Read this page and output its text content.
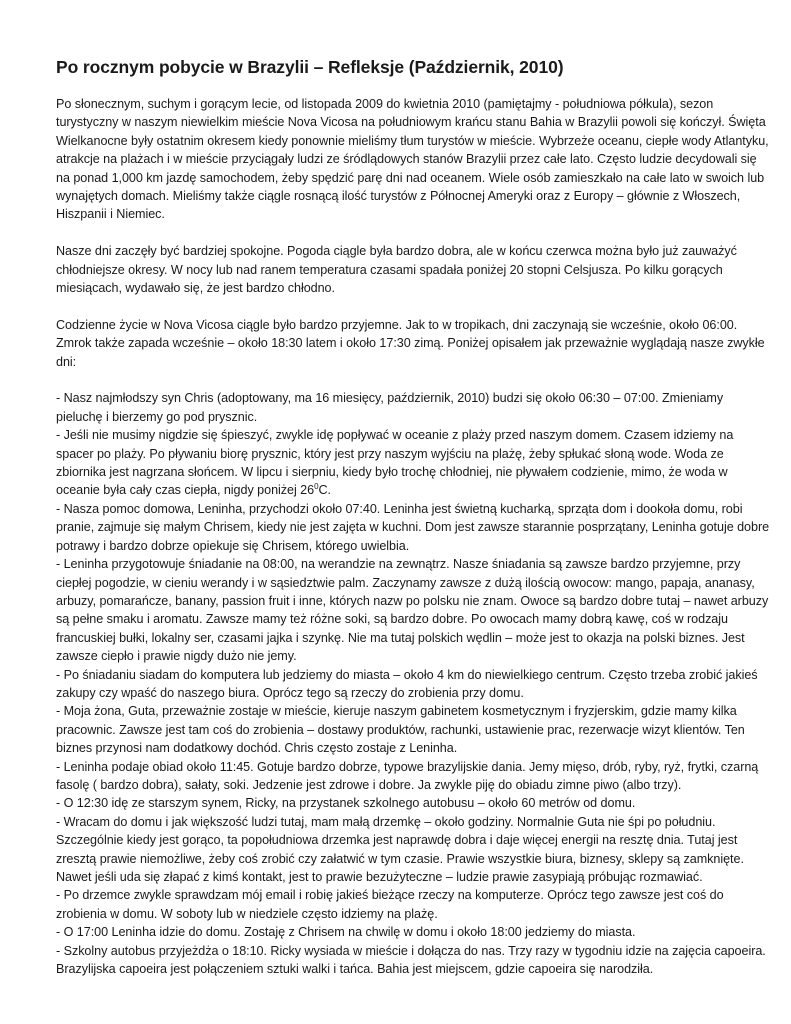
Po rocznym pobycie w Brazylii – Refleksje (Październik, 2010)

Po słonecznym, suchym i gorącym lecie, od listopada 2009 do kwietnia 2010 (pamiętajmy - południowa półkula), sezon turystyczny w naszym niewielkim mieście Nova Vicosa na południowym krańcu stanu Bahia w Brazylii powoli się kończył. Święta Wielkanocne były ostatnim okresem kiedy ponownie mieliśmy tłum turystów w mieście. Wybrzeże oceanu, ciepłe wody Atlantyku, atrakcje na plażach i w mieście przyciągały ludzi ze śródlądowych stanów Brazylii przez całe lato. Często ludzie decydowali się na ponad 1,000 km jazdę samochodem, żeby spędzić parę dni nad oceanem. Wiele osób zamieszkało na całe lato w swoich lub wynajętych domach. Mieliśmy także ciągle rosnącą ilość turystów z Północnej Ameryki oraz z Europy – głównie z Włoszech, Hiszpanii i Niemiec.

Nasze dni zaczęły być bardziej spokojne. Pogoda ciągle była bardzo dobra, ale w końcu czerwca można było już zauważyć chłodniejsze okresy. W nocy lub nad ranem temperatura czasami spadała poniżej 20 stopni Celsjusza. Po kilku gorących miesiącach, wydawało się, że jest bardzo chłodno.

Codzienne życie w Nova Vicosa ciągle było bardzo przyjemne. Jak to w tropikach, dni zaczynają sie wcześnie, około 06:00. Zmrok także zapada wcześnie – około 18:30 latem i około 17:30 zimą. Poniżej opisałem jak przeważnie wyglądają nasze zwykłe dni:

- Nasz najmłodszy syn Chris (adoptowany, ma 16 miesięcy, październik, 2010) budzi się około 06:30 – 07:00. Zmieniamy pieluchę i bierzemy go pod prysznic.

- Jeśli nie musimy nigdzie się śpieszyć, zwykle idę popływać w oceanie z plaży przed naszym domem. Czasem idziemy na spacer po plaży. Po pływaniu biorę prysznic, który jest przy naszym wyjściu na plażę, żeby spłukać słoną wode. Woda ze zbiornika jest nagrzana słońcem. W lipcu i sierpniu, kiedy było trochę chłodniej, nie pływałem codzienie, mimo, że woda w oceanie była cały czas ciepła, nigdy poniżej $26^0C$.

- Nasza pomoc domowa, Leninha, przychodzi około 07:40. Leninha jest świetną kucharką, sprząta dom i dookoła domu, robi pranie, zajmuje się małym Chrisem, kiedy nie jest zajęta w kuchni. Dom jest zawsze starannie posprzątany, Leninha gotuje dobre potrawy i bardzo dobrze opiekuje się Chrisem, którego uwielbia.

- Leninha przygotowuje śniadanie na 08:00, na werandzie na zewnątrz. Nasze śniadania są zawsze bardzo przyjemne, przy ciepłej pogodzie, w cieniu werandy i w sąsiedztwie palm. Zaczynamy zawsze z dużą ilością owocow: mango, papaja, ananasy, arbuzy, pomarańcze, banany, passion fruit i inne, których nazw po polsku nie znam. Owoce są bardzo dobre tutaj – nawet arbuzy są pełne smaku i aromatu. Zawsze mamy też różne soki, są bardzo dobre. Po owocach mamy dobrą kawę, coś w rodzaju francuskiej bułki, lokalny ser, czasami jajka i szynkę. Nie ma tutaj polskich wędlin – może jest to okazja na polski biznes. Jest zawsze ciepło i prawie nigdy dużo nie jemy.

- Po śniadaniu siadam do komputera lub jedziemy do miasta – około 4 km do niewielkiego centrum. Często trzeba zrobić jakieś zakupy czy wpaść do naszego biura. Oprócz tego są rzeczy do zrobienia przy domu.

- Moja żona, Guta, przeważnie zostaje w mieście, kieruje naszym gabinetem kosmetycznym i fryzjerskim, gdzie mamy kilka pracownic. Zawsze jest tam coś do zrobienia – dostawy produktów, rachunki, ustawienie prac, rezerwacje wizyt klientów. Ten biznes przynosi nam dodatkowy dochód. Chris często zostaje z Leninha.

- Leninha podaje obiad około 11:45. Gotuje bardzo dobrze, typowe brazylijskie dania. Jemy mięso, drób, ryby, ryż, frytki, czarną fasolę ( bardzo dobra), sałaty, soki. Jedzenie jest zdrowe i dobre. Ja zwykle piję do obiadu zimne piwo (albo trzy).

- O 12:30 idę ze starszym synem, Ricky, na przystanek szkolnego autobusu – około 60 metrów od domu.

- Wracam do domu i jak większość ludzi tutaj, mam małą drzemkę – około godziny. Normalnie Guta nie śpi po południu. Szczególnie kiedy jest gorąco, ta popołudniowa drzemka jest naprawdę dobra i daje więcej energii na resztę dnia. Tutaj jest zresztą prawie niemożliwe, żeby coś zrobić czy załatwić w tym czasie. Prawie wszystkie biura, biznesy, sklepy są zamknięte. Nawet jeśli uda się złapać z kimś kontakt, jest to prawie bezużyteczne – ludzie prawie zasypiają próbując rozmawiać.

- Po drzemce zwykle sprawdzam mój email i robię jakieś bieżące rzeczy na komputerze. Oprócz tego zawsze jest coś do zrobienia w domu. W soboty lub w niedziele często idziemy na plażę.

- O 17:00 Leninha idzie do domu. Zostaję z Chrisem na chwilę w domu i około 18:00 jedziemy do miasta.

- Szkolny autobus przyjeżdża o 18:10. Ricky wysiada w mieście i dołącza do nas. Trzy razy w tygodniu idzie na zajęcia capoeira. Brazylijska capoeira jest połączeniem sztuki walki i tańca. Bahia jest miejscem, gdzie capoeira się narodziła.
